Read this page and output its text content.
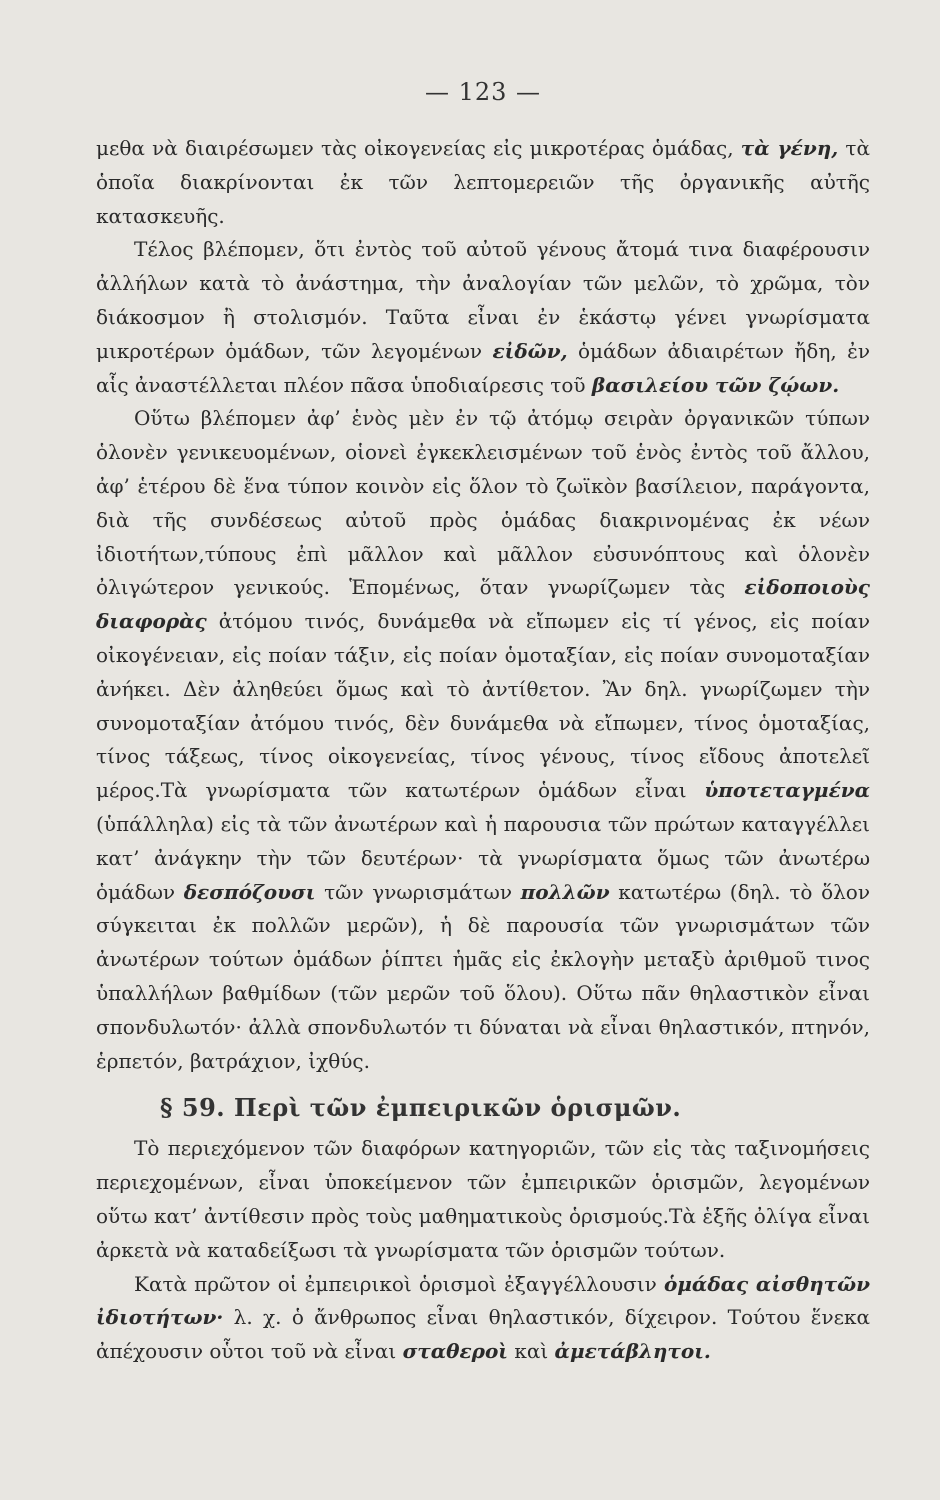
— 123 —

μεθα νὰ διαιρέσωμεν τὰς οἰκογενείας εἰς μικροτέρας ὁμάδας, τὰ γένη, τὰ ὁποῖα διακρίνονται ἐκ τῶν λεπτομερειῶν τῆς ὀργανικῆς αὐτῆς κατασκευῆς.

Τέλος βλέπομεν, ὅτι ἐντὸς τοῦ αὐτοῦ γένους ἄτομά τινα διαφέρουσιν ἀλλήλων κατὰ τὸ ἀνάστημα, τὴν ἀναλογίαν τῶν μελῶν, τὸ χρῶμα, τὸν διάκοσμον ἢ στολισμόν. Ταῦτα εἶναι ἐν ἑκάστῳ γένει γνωρίσματα μικροτέρων ὁμάδων, τῶν λεγομένων εἰδῶν, ὁμάδων ἀδιαιρέτων ἤδη, ἐν αἷς ἀναστέλλεται πλέον πᾶσα ὑποδιαίρεσις τοῦ βασιλείου τῶν ζῴων.

Οὕτω βλέπομεν ἀφ’ ἑνὸς μὲν ἐν τῷ ἀτόμῳ σειρὰν ὀργανικῶν τύπων ὁλονὲν γενικευομένων, οἱονεὶ ἐγκεκλεισμένων τοῦ ἑνὸς ἐντὸς τοῦ ἄλλου, ἀφ’ ἑτέρου δὲ ἕνα τύπον κοινὸν εἰς ὅλον τὸ ζωϊκὸν βασίλειον, παράγοντα, διὰ τῆς συνδέσεως αὐτοῦ πρὸς ὁμάδας διακρινομένας ἐκ νέων ἰδιοτήτων,τύπους ἐπὶ μᾶλλον καὶ μᾶλλον εὐσυνόπτους καὶ ὁλονὲν ὀλιγώτερον γενικούς. Ἑπομένως, ὅταν γνωρίζωμεν τὰς εἰδοποιοὺς διαφορὰς ἀτόμου τινός, δυνάμεθα νὰ εἴπωμεν εἰς τί γένος, εἰς ποίαν οἰκογένειαν, εἰς ποίαν τάξιν, εἰς ποίαν ὁμοταξίαν, εἰς ποίαν συνομοταξίαν ἀνήκει. Δὲν ἀληθεύει ὅμως καὶ τὸ ἀντίθετον. Ἂν δηλ. γνωρίζωμεν τὴν συνομοταξίαν ἀτόμου τινός, δὲν δυνάμεθα νὰ εἴπωμεν, τίνος ὁμοταξίας, τίνος τάξεως, τίνος οἰκογενείας, τίνος γένους, τίνος εἴδους ἀποτελεῖ μέρος.Τὰ γνωρίσματα τῶν κατωτέρων ὁμάδων εἶναι ὑποτεταγμένα (ὑπάλληλα) εἰς τὰ τῶν ἀνωτέρων καὶ ἡ παρουσια τῶν πρώτων καταγγέλλει κατ’ ἀνάγκην τὴν τῶν δευτέρων· τὰ γνωρίσματα ὅμως τῶν ἀνωτέρω ὁμάδων δεσπόζουσι τῶν γνωρισμάτων πολλῶν κατωτέρω (δηλ. τὸ ὅλον σύγκειται ἐκ πολλῶν μερῶν), ἡ δὲ παρουσία τῶν γνωρισμάτων τῶν ἀνωτέρων τούτων ὁμάδων ῥίπτει ἡμᾶς εἰς ἐκλογὴν μεταξὺ ἀριθμοῦ τινος ὑπαλλήλων βαθμίδων (τῶν μερῶν τοῦ ὅλου). Οὕτω πᾶν θηλαστικὸν εἶναι σπονδυλωτόν· ἀλλὰ σπονδυλωτόν τι δύναται νὰ εἶναι θηλαστικόν, πτηνόν, ἑρπετόν, βατράχιον, ἰχθύς.

§ 59. Περὶ τῶν ἐμπειρικῶν ὁρισμῶν.

Τὸ περιεχόμενον τῶν διαφόρων κατηγοριῶν, τῶν εἰς τὰς ταξινομήσεις περιεχομένων, εἶναι ὑποκείμενον τῶν ἐμπειρικῶν ὁρισμῶν, λεγομένων οὕτω κατ’ ἀντίθεσιν πρὸς τοὺς μαθηματικοὺς ὁρισμούς.Τὰ ἑξῆς ὀλίγα εἶναι ἀρκετὰ νὰ καταδείξωσι τὰ γνωρίσματα τῶν ὁρισμῶν τούτων.

Κατὰ πρῶτον οἱ ἐμπειρικοὶ ὁρισμοὶ ἐξαγγέλλουσιν ὁμάδας αἰσθητῶν ἰδιοτήτων· λ. χ. ὁ ἄνθρωπος εἶναι θηλαστικόν, δίχειρον. Τούτου ἕνεκα ἀπέχουσιν οὗτοι τοῦ νὰ εἶναι σταθεροὶ καὶ ἀμετάβλητοι.
